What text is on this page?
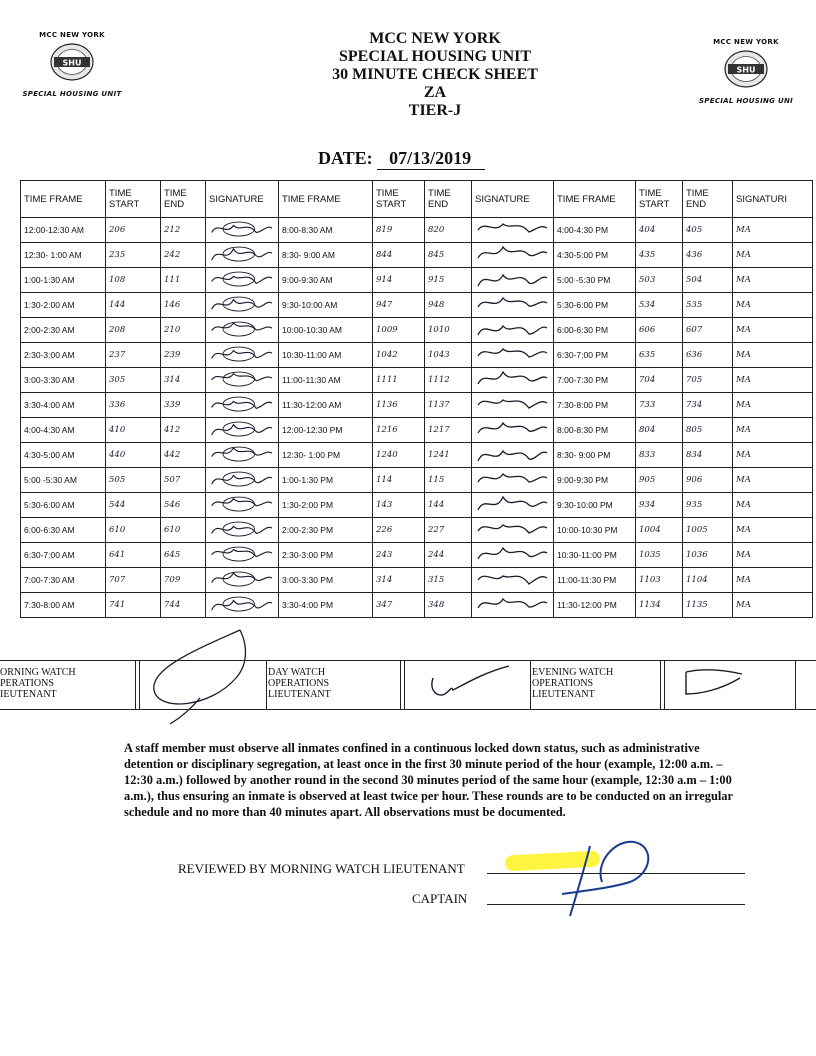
MCC NEW YORK
SHU
SPECIAL HOUSING UNIT
MCC NEW YORK
SHU
SPECIAL HOUSING UNI
MCC NEW YORK
SPECIAL HOUSING UNIT
30 MINUTE CHECK SHEET
ZA
TIER-J
DATE: 07/13/2019
TIME FRAME	TIME START	TIME END	SIGNATURE	TIME FRAME	TIME START	TIME END	SIGNATURE	TIME FRAME	TIME START	TIME END	SIGNATURI
12:00-12:30 AM	206	212		8:00-8:30 AM	819	820		4:00-4:30 PM	404	405	MA
12:30- 1:00 AM	235	242		8:30- 9:00 AM	844	845		4:30-5:00 PM	435	436	MA
1:00-1:30 AM	108	111		9:00-9:30 AM	914	915		5:00 -5:30 PM	503	504	MA
1:30-2:00 AM	144	146		9:30-10:00 AM	947	948		5:30-6:00 PM	534	535	MA
2:00-2:30 AM	208	210		10:00-10:30 AM	1009	1010		6:00-6:30 PM	606	607	MA
2:30-3:00 AM	237	239		10:30-11:00 AM	1042	1043		6:30-7:00 PM	635	636	MA
3:00-3:30 AM	305	314		11:00-11:30 AM	1111	1112		7:00-7:30 PM	704	705	MA
3:30-4:00 AM	336	339		11:30-12:00 AM	1136	1137		7:30-8:00 PM	733	734	MA
4:00-4:30 AM	410	412		12:00-12:30 PM	1216	1217		8:00-8:30 PM	804	805	MA
4:30-5:00 AM	440	442		12:30- 1:00 PM	1240	1241		8:30- 9:00 PM	833	834	MA
5:00 -5:30 AM	505	507		1:00-1:30 PM	114	115		9:00-9:30 PM	905	906	MA
5:30-6:00 AM	544	546		1:30-2:00 PM	143	144		9:30-10:00 PM	934	935	MA
6:00-6:30 AM	610	610		2:00-2:30 PM	226	227		10:00-10:30 PM	1004	1005	MA
6:30-7:00 AM	641	645		2:30-3:00 PM	243	244		10:30-11:00 PM	1035	1036	MA
7:00-7:30 AM	707	709		3:00-3:30 PM	314	315		11:00-11:30 PM	1103	1104	MA
7:30-8:00 AM	741	744		3:30-4:00 PM	347	348		11:30-12:00 PM	1134	1135	MA
ORNING WATCH
PERATIONS
IEUTENANT
DAY WATCH
OPERATIONS
LIEUTENANT
EVENING WATCH
OPERATIONS
LIEUTENANT
A staff member must observe all inmates confined in a continuous locked down status, such as administrative detention or disciplinary segregation, at least once in the first 30 minute period of the hour (example, 12:00 a.m. – 12:30 a.m.) followed by another round in the second 30 minutes period of the same hour (example, 12:30 a.m – 1:00 a.m.), thus ensuring an inmate is observed at least twice per hour. These rounds are to be conducted on an irregular schedule and no more than 40 minutes apart. All observations must be documented.
REVIEWED BY MORNING WATCH LIEUTENANT
CAPTAIN
